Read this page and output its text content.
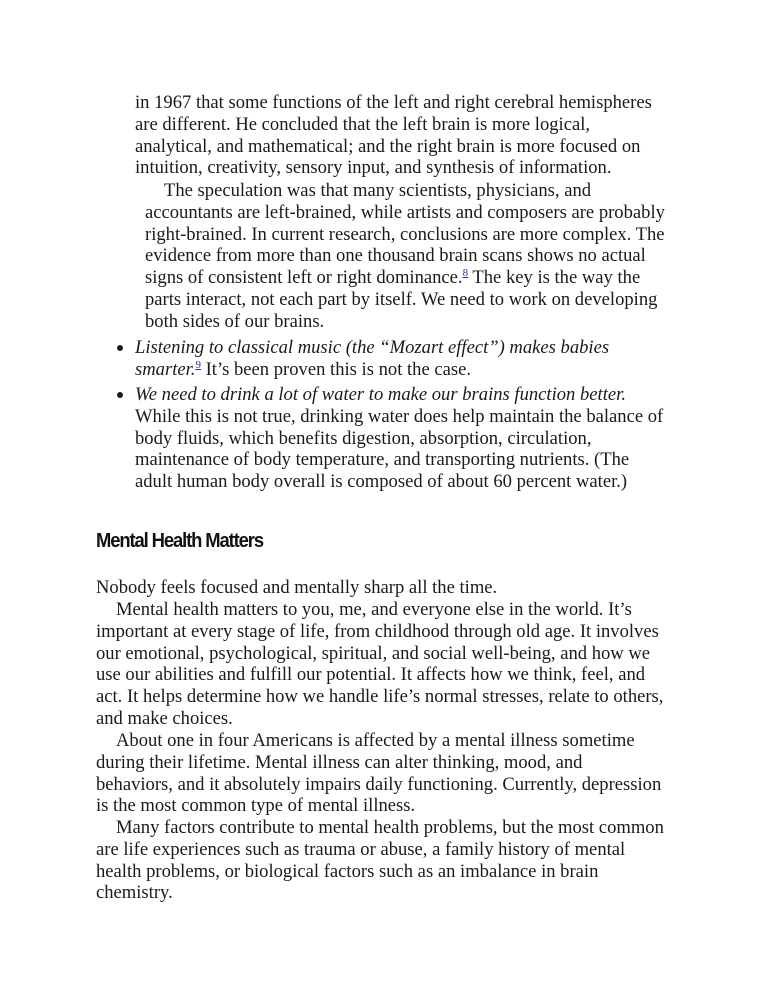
in 1967 that some functions of the left and right cerebral hemispheres
are different. He concluded that the left brain is more logical,
analytical, and mathematical; and the right brain is more focused on
intuition, creativity, sensory input, and synthesis of information.
The speculation was that many scientists, physicians, and
accountants are left-brained, while artists and composers are probably
right-brained. In current research, conclusions are more complex. The
evidence from more than one thousand brain scans shows no actual
signs of consistent left or right dominance.$^8$ The key is the way the
parts interact, not each part by itself. We need to work on developing
both sides of our brains.
Listening to classical music (the “Mozart effect”) makes babies
smarter.$^9$ It’s been proven this is not the case.
We need to drink a lot of water to make our brains function better.
While this is not true, drinking water does help maintain the balance of
body fluids, which benefits digestion, absorption, circulation,
maintenance of body temperature, and transporting nutrients. (The
adult human body overall is composed of about 60 percent water.)
Mental Health Matters
Nobody feels focused and mentally sharp all the time.
Mental health matters to you, me, and everyone else in the world. It’s
important at every stage of life, from childhood through old age. It involves
our emotional, psychological, spiritual, and social well-being, and how we
use our abilities and fulfill our potential. It affects how we think, feel, and
act. It helps determine how we handle life’s normal stresses, relate to others,
and make choices.
About one in four Americans is affected by a mental illness sometime
during their lifetime. Mental illness can alter thinking, mood, and
behaviors, and it absolutely impairs daily functioning. Currently, depression
is the most common type of mental illness.
Many factors contribute to mental health problems, but the most common
are life experiences such as trauma or abuse, a family history of mental
health problems, or biological factors such as an imbalance in brain
chemistry.
